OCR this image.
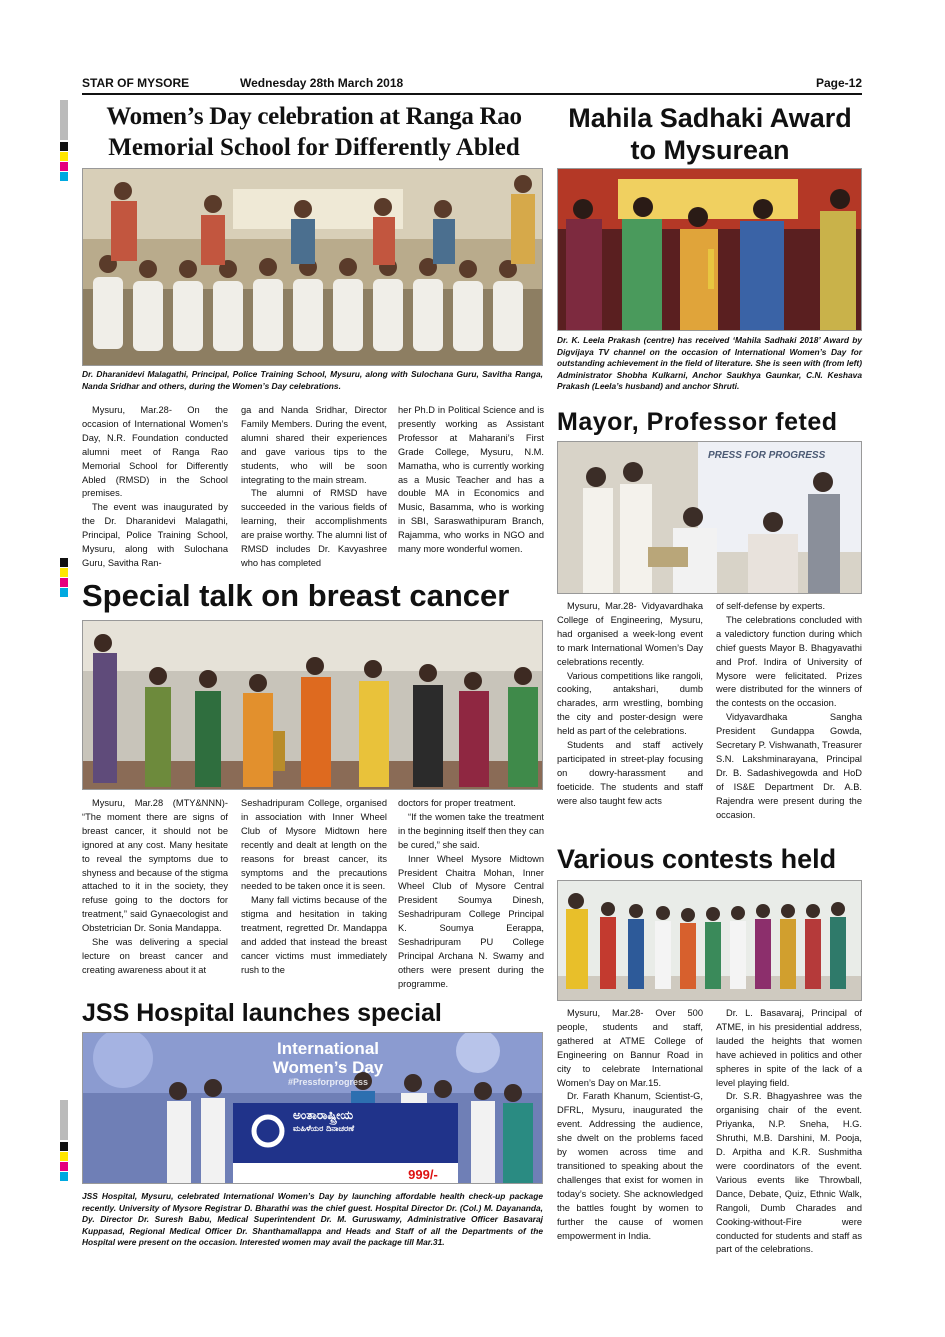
STAR OF MYSORE	Wednesday 28th March 2018	Page-12
Women’s Day celebration at Ranga Rao
Memorial School for Differently Abled
Dr. Dharanidevi Malagathi, Principal, Police Training School, Mysuru, along with Sulochana Guru, Savitha Ranga, Nanda Sridhar and others, during the Women’s Day celebrations.

Mysuru, Mar.28- On the occasion of International Women’s Day, N.R. Foundation conducted alumni meet of Ranga Rao Memorial School for Differently Abled (RMSD) in the School premises.

The event was inaugurated by the Dr. Dharanidevi Malagathi, Principal, Police Training School, Mysuru, along with Sulochana Guru, Savitha Ran-

ga and Nanda Sridhar, Director Family Members. During the event, alumni shared their experiences and gave various tips to the students, who will be soon integrating to the main stream.

The alumni of RMSD have succeeded in the various fields of learning, their accomplishments are praise worthy. The alumni list of RMSD includes Dr. Kavyashree who has completed

her Ph.D in Political Science and is presently working as Assistant Professor at Maharani’s First Grade College, Mysuru, N.M. Mamatha, who is currently working as a Music Teacher and has a double MA in Economics and Music, Basamma, who is working in SBI, Saraswathipuram Branch, Rajamma, who works in NGO and many more wonderful women.

Special talk on breast cancer

Mysuru, Mar.28 (MTY&NNN)- “The moment there are signs of breast cancer, it should not be ignored at any cost. Many hesitate to reveal the symptoms due to shyness and because of the stigma attached to it in the society, they refuse going to the doctors for treatment,” said Gynaecologist and Obstetrician Dr. Sonia Mandappa.

She was delivering a special lecture on breast cancer and creating awareness about it at

Seshadripuram College, organised in association with Inner Wheel Club of Mysore Midtown here recently and dealt at length on the reasons for breast cancer, its symptoms and the precautions needed to be taken once it is seen.

Many fall victims because of the stigma and hesitation in taking treatment, regretted Dr. Mandappa and added that instead the breast cancer victims must immediately rush to the

doctors for proper treatment.

“If the women take the treatment in the beginning itself then they can be cured,” she said.

Inner Wheel Mysore Midtown President Chaitra Mohan, Inner Wheel Club of Mysore Central President Soumya Dinesh, Seshadripuram College Principal K. Soumya Eerappa, Seshadripuram PU College Principal Archana N. Swamy and others were present during the programme.

JSS Hospital launches special
999/-
International
Women’s Day
#Pressforprogress
ಅಂತಾರಾಷ್ಟ್ರೀಯ
ಮಹಿಳೆಯರ ದಿನಾಚರಣೆ
JSS Hospital, Mysuru, celebrated International Women’s Day by launching affordable health check-up package recently. University of Mysore Registrar D. Bharathi was the chief guest. Hospital Director Dr. (Col.) M. Dayananda, Dy. Director Dr. Suresh Babu, Medical Superintendent Dr. M. Guruswamy, Administrative Officer Basavaraj Kuppasad, Regional Medical Officer Dr. Shanthamallappa and Heads and Staff of all the Departments of the Hospital were present on the occasion. Interested women may avail the package till Mar.31.
Mahila Sadhaki Award
to Mysurean
Dr. K. Leela Prakash (centre) has received ‘Mahila Sadhaki 2018’ Award by Digvijaya TV channel on the occasion of International Women’s Day for outstanding achievement in the field of literature. She is seen with (from left) Administrator Shobha Kulkarni, Anchor Saukhya Gaunkar, C.N. Keshava Prakash (Leela’s husband) and anchor Shruti.
Mayor, Professor feted
PRESS FOR PROGRESS

Mysuru, Mar.28- Vidyavardhaka College of Engineering, Mysuru, had organised a week-long event to mark International Women’s Day celebrations recently.

Various competitions like rangoli, cooking, antakshari, dumb charades, arm wrestling, bombing the city and poster-design were held as part of the celebrations.

Students and staff actively participated in street-play focusing on dowry-harassment and foeticide. The students and staff were also taught few acts

of self-defense by experts.

The celebrations concluded with a valedictory function during which chief guests Mayor B. Bhagyavathi and Prof. Indira of University of Mysore were felicitated. Prizes were distributed for the winners of the contests on the occasion.

Vidyavardhaka Sangha President Gundappa Gowda, Secretary P. Vishwanath, Treasurer S.N. Lakshminarayana, Principal Dr. B. Sadashivegowda and HoD of IS&E Department Dr. A.B. Rajendra were present during the occasion.

Various contests held

Mysuru, Mar.28- Over 500 people, students and staff, gathered at ATME College of Engineering on Bannur Road in city to celebrate International Women’s Day on Mar.15.

Dr. Farath Khanum, Scientist-G, DFRL, Mysuru, inaugurated the event. Addressing the audience, she dwelt on the problems faced by women across time and transitioned to speaking about the challenges that exist for women in today’s society. She acknowledged the battles fought by women to further the cause of women empowerment in India.

Dr. L. Basavaraj, Principal of ATME, in his presidential address, lauded the heights that women have achieved in politics and other spheres in spite of the lack of a level playing field.

Dr. S.R. Bhagyashree was the organising chair of the event. Priyanka, N.P. Sneha, H.G. Shruthi, M.B. Darshini, M. Pooja, D. Arpitha and K.R. Sushmitha were coordinators of the event. Various events like Throwball, Dance, Debate, Quiz, Ethnic Walk, Rangoli, Dumb Charades and Cooking-without-Fire were conducted for students and staff as part of the celebrations.
